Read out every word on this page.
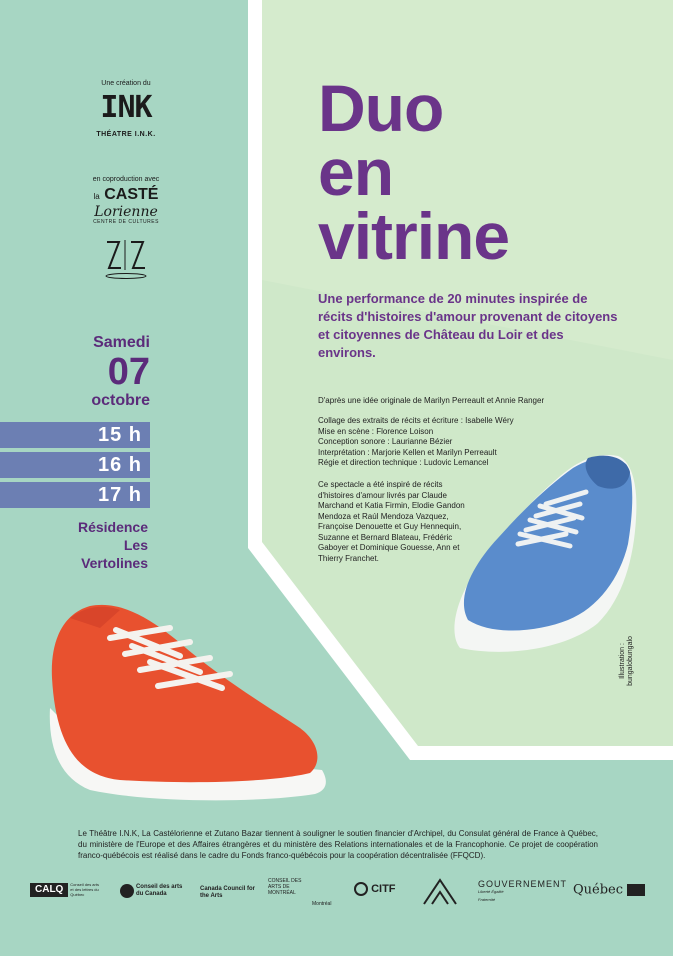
Une création du
INK
THÉATRE I.N.K.
en coproduction avec
la CASTÉ
Lorienne
CENTRE DE CULTURES
Samedi
07
octobre
15 h
16 h
17 h
Résidence
Les
Vertolines
Duo
en
vitrine
Une performance de 20 minutes inspirée de récits d'histoires d'amour provenant de citoyens et citoyennes de Château du Loir et des environs.
D'après une idée originale de Marilyn Perreault et Annie Ranger
Collage des extraits de récits et écriture : Isabelle Wéry
Mise en scène : Florence Loison
Conception sonore : Laurianne Bézier
Interprétation : Marjorie Kellen et Marilyn Perreault
Régie et direction technique : Ludovic Lemancel
Ce spectacle a été inspiré de récits d'histoires d'amour livrés par Claude Marchand et Katia Firmin, Elodie Gandon Mendoza et Raúl Mendoza Vazquez, Françoise Denouette et Guy Hennequin, Suzanne et Bernard Blateau, Frédéric Gaboyer et Dominique Gouesse, Ann et Thierry Franchet.
Illustration : bungalobungalo
Le Théâtre I.N.K, La Castélorienne et Zutano Bazar tiennent à souligner le soutien financier d'Archipel, du Consulat général de France à Québec, du ministère de l'Europe et des Affaires étrangères et du ministère des Relations internationales et de la Francophonie. Ce projet de coopération franco-québécois est réalisé dans le cadre du Fonds franco-québécois pour la coopération décentralisée (FFQCD).
CALQ Conseil des arts et des lettres du Québec
Conseil des arts du Canada
Canada Council for the Arts
CONSEIL DES ARTS DE MONTRÉAL
Montréal
CITF	GOUVERNEMENT
Liberté Égalité Fraternité
Québec
